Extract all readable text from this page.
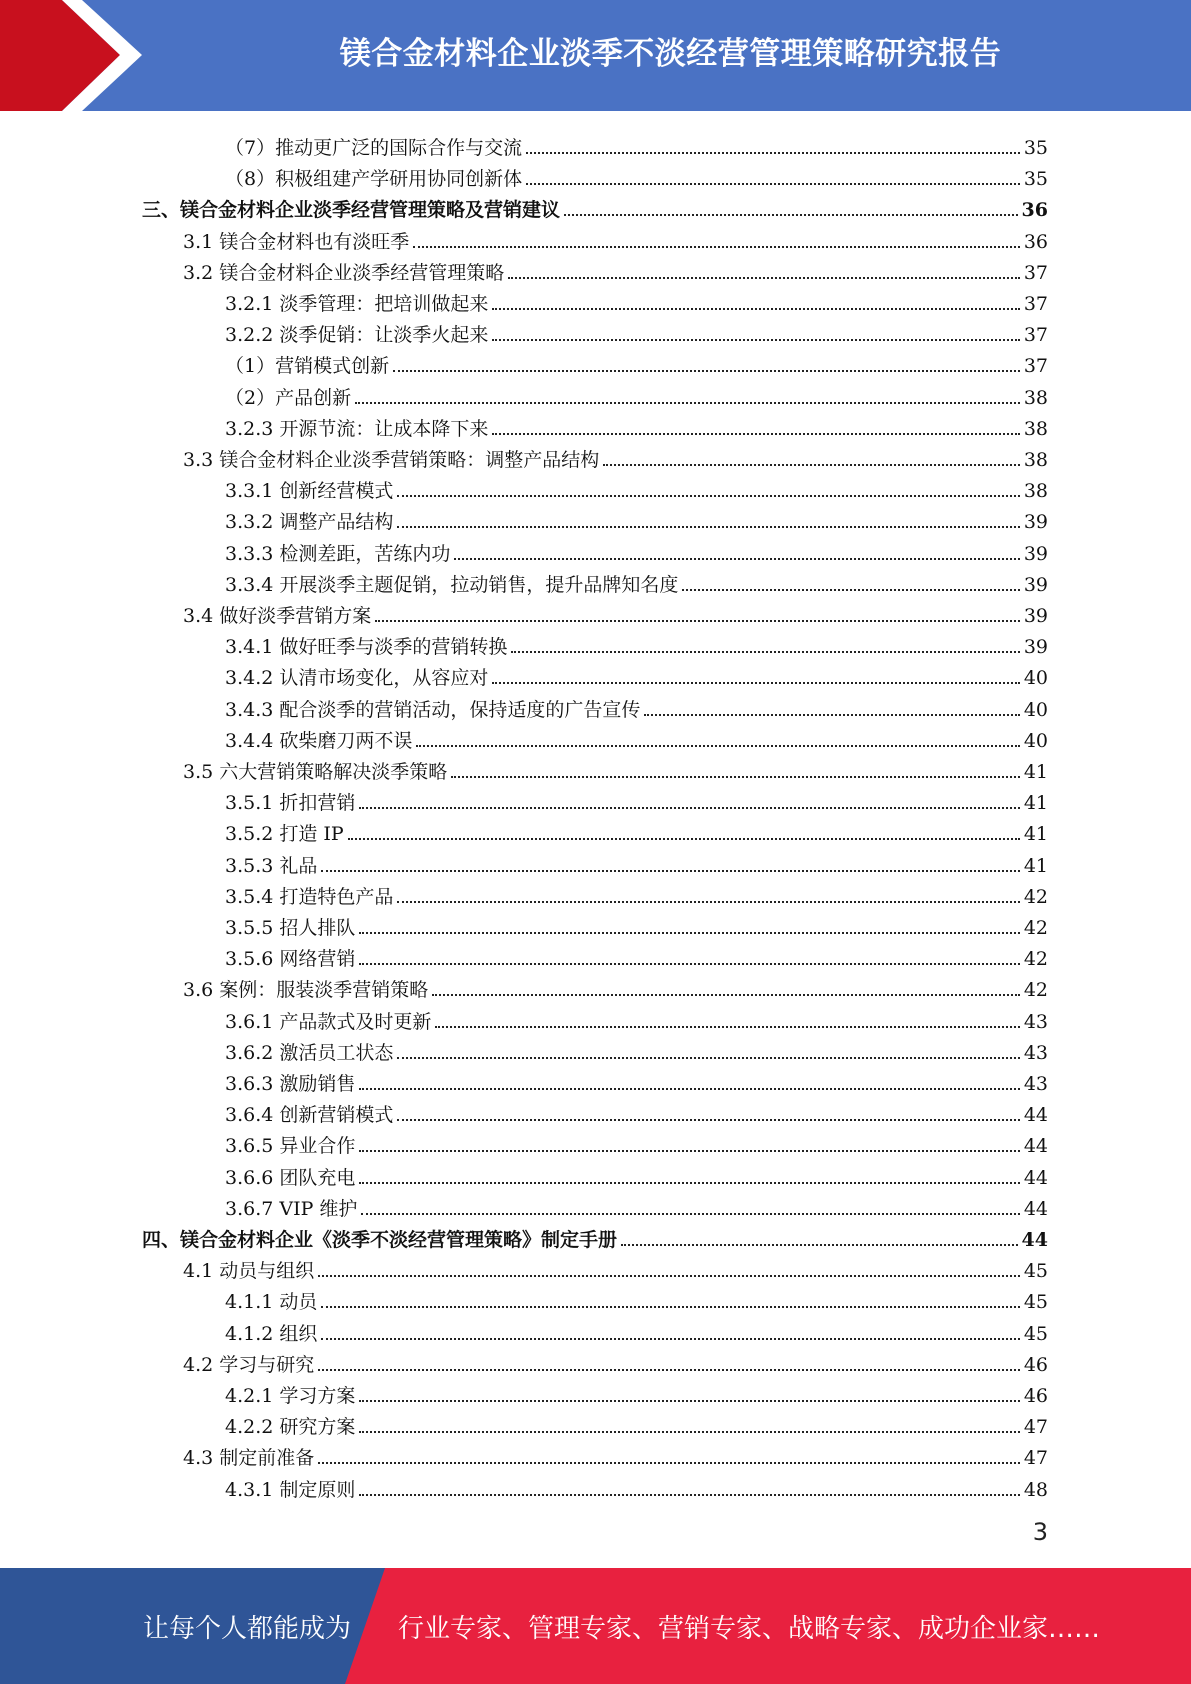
镁合金材料企业淡季不淡经营管理策略研究报告
（7）推动更广泛的国际合作与交流	35
（8）积极组建产学研用协同创新体	35
三、镁合金材料企业淡季经营管理策略及营销建议	36
3.1 镁合金材料也有淡旺季	36
3.2 镁合金材料企业淡季经营管理策略	37
3.2.1 淡季管理：把培训做起来	37
3.2.2 淡季促销：让淡季火起来	37
（1）营销模式创新	37
（2）产品创新	38
3.2.3 开源节流：让成本降下来	38
3.3 镁合金材料企业淡季营销策略：调整产品结构	38
3.3.1 创新经营模式	38
3.3.2 调整产品结构	39
3.3.3 检测差距，苦练内功	39
3.3.4 开展淡季主题促销，拉动销售，提升品牌知名度	39
3.4 做好淡季营销方案	39
3.4.1 做好旺季与淡季的营销转换	39
3.4.2 认清市场变化，从容应对	40
3.4.3 配合淡季的营销活动，保持适度的广告宣传	40
3.4.4 砍柴磨刀两不误	40
3.5 六大营销策略解决淡季策略	41
3.5.1 折扣营销	41
3.5.2 打造 IP	41
3.5.3 礼品	41
3.5.4 打造特色产品	42
3.5.5 招人排队	42
3.5.6 网络营销	42
3.6 案例：服装淡季营销策略	42
3.6.1 产品款式及时更新	43
3.6.2 激活员工状态	43
3.6.3 激励销售	43
3.6.4 创新营销模式	44
3.6.5 异业合作	44
3.6.6 团队充电	44
3.6.7 VIP 维护	44
四、镁合金材料企业《淡季不淡经营管理策略》制定手册	44
4.1 动员与组织	45
4.1.1 动员	45
4.1.2 组织	45
4.2 学习与研究	46
4.2.1 学习方案	46
4.2.2 研究方案	47
4.3 制定前准备	47
4.3.1 制定原则	48
3
让每个人都能成为 行业专家、管理专家、营销专家、战略专家、成功企业家……
